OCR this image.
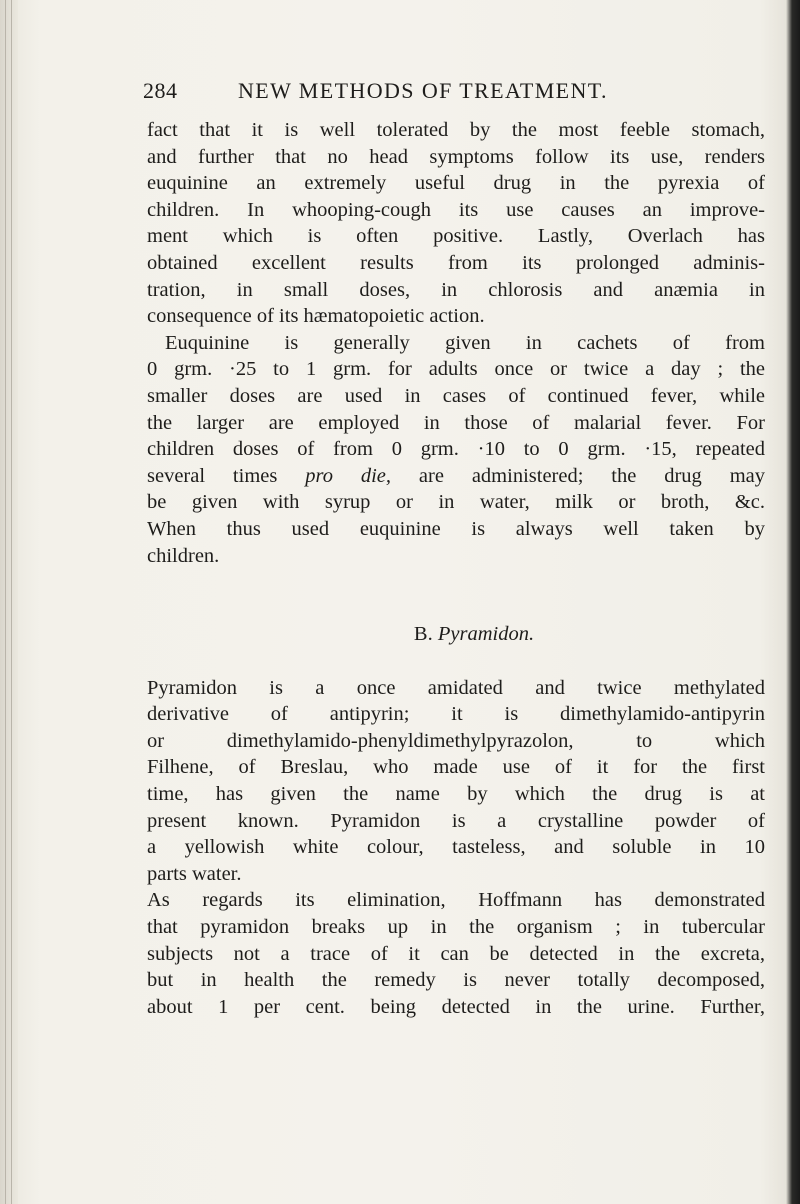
284	NEW METHODS OF TREATMENT.
fact that it is well tolerated by the most feeble stomach,
and further that no head symptoms follow its use, renders
euquinine an extremely useful drug in the pyrexia of
children. In whooping-cough its use causes an improve-
ment which is often positive. Lastly, Overlach has
obtained excellent results from its prolonged adminis-
tration, in small doses, in chlorosis and anæmia in
consequence of its hæmatopoietic action.
Euquinine is generally given in cachets of from
0 grm. ·25 to 1 grm. for adults once or twice a day ; the
smaller doses are used in cases of continued fever, while
the larger are employed in those of malarial fever. For
children doses of from 0 grm. ·10 to 0 grm. ·15, repeated
several times pro die, are administered; the drug may
be given with syrup or in water, milk or broth, &c.
When thus used euquinine is always well taken by
children.
B. Pyramidon.
Pyramidon is a once amidated and twice methylated
derivative of antipyrin; it is dimethylamido-antipyrin
or dimethylamido-phenyldimethylpyrazolon, to which
Filhene, of Breslau, who made use of it for the first
time, has given the name by which the drug is at
present known. Pyramidon is a crystalline powder of
a yellowish white colour, tasteless, and soluble in 10
parts water.
As regards its elimination, Hoffmann has demonstrated
that pyramidon breaks up in the organism ; in tubercular
subjects not a trace of it can be detected in the excreta,
but in health the remedy is never totally decomposed,
about 1 per cent. being detected in the urine. Further,
